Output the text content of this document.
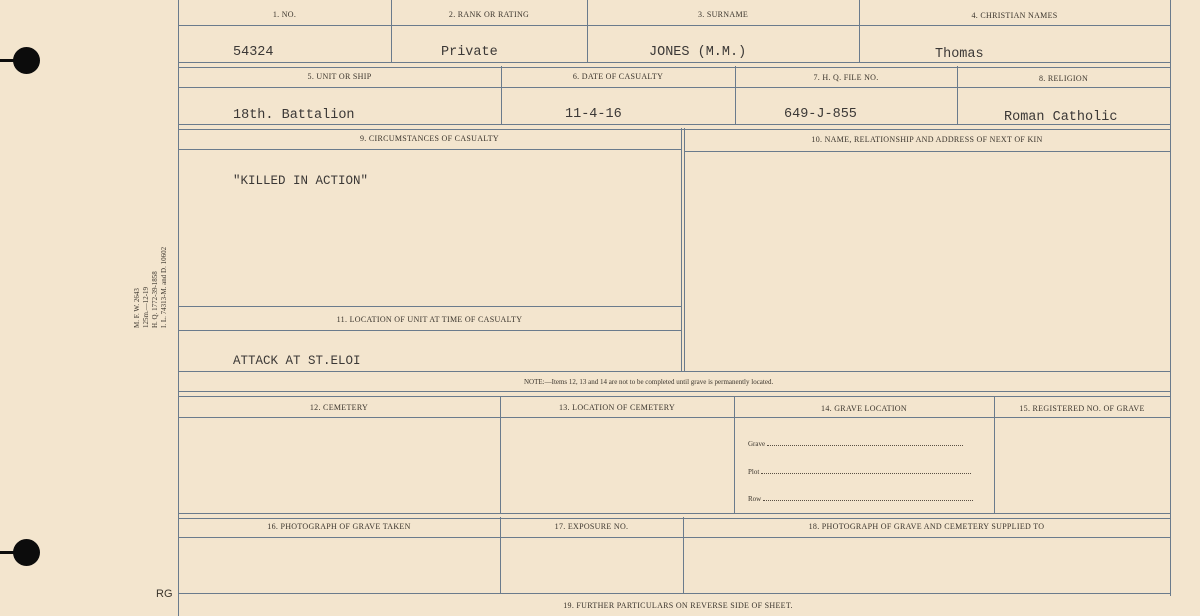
M. F. W. 2643 125m.—12-19 H. Q. 1772-39-1858 I. L. 74313-M. and D. 10602
1. NO.	2. RANK OR RATING	3. SURNAME	4. CHRISTIAN NAMES
54324	Private	JONES (M.M.)	Thomas
5. UNIT OR SHIP	6. DATE OF CASUALTY	7. H. Q. FILE NO.	8. RELIGION
18th. Battalion	11-4-16	649-J-855	Roman Catholic
9. CIRCUMSTANCES OF CASUALTY	10. NAME, RELATIONSHIP AND ADDRESS OF NEXT OF KIN
"KILLED IN ACTION"
11. LOCATION OF UNIT AT TIME OF CASUALTY
ATTACK AT ST.ELOI
NOTE:—Items 12, 13 and 14 are not to be completed until grave is permanently located.
12. CEMETERY	13. LOCATION OF CEMETERY	14. GRAVE LOCATION	15. REGISTERED NO. OF GRAVE
Grave
Plot
Row
16. PHOTOGRAPH OF GRAVE TAKEN	17. EXPOSURE NO.	18. PHOTOGRAPH OF GRAVE AND CEMETERY SUPPLIED TO
19. FURTHER PARTICULARS ON REVERSE SIDE OF SHEET.
RG
